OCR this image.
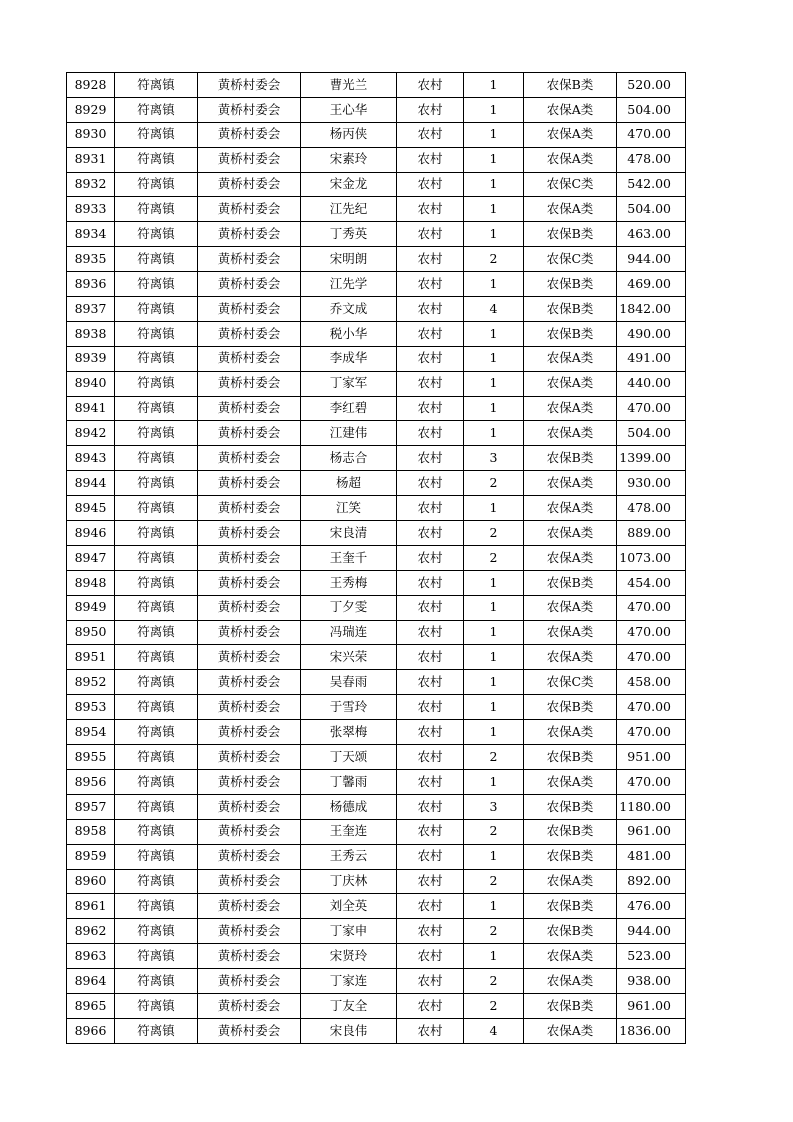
8928	符离镇	黄桥村委会	曹光兰	农村	1	农保B类	520.00
8929	符离镇	黄桥村委会	王心华	农村	1	农保A类	504.00
8930	符离镇	黄桥村委会	杨丙侠	农村	1	农保A类	470.00
8931	符离镇	黄桥村委会	宋素玲	农村	1	农保A类	478.00
8932	符离镇	黄桥村委会	宋金龙	农村	1	农保C类	542.00
8933	符离镇	黄桥村委会	江先纪	农村	1	农保A类	504.00
8934	符离镇	黄桥村委会	丁秀英	农村	1	农保B类	463.00
8935	符离镇	黄桥村委会	宋明朗	农村	2	农保C类	944.00
8936	符离镇	黄桥村委会	江先学	农村	1	农保B类	469.00
8937	符离镇	黄桥村委会	乔文成	农村	4	农保B类	1842.00
8938	符离镇	黄桥村委会	税小华	农村	1	农保B类	490.00
8939	符离镇	黄桥村委会	李成华	农村	1	农保A类	491.00
8940	符离镇	黄桥村委会	丁家军	农村	1	农保A类	440.00
8941	符离镇	黄桥村委会	李红碧	农村	1	农保A类	470.00
8942	符离镇	黄桥村委会	江建伟	农村	1	农保A类	504.00
8943	符离镇	黄桥村委会	杨志合	农村	3	农保B类	1399.00
8944	符离镇	黄桥村委会	杨超	农村	2	农保A类	930.00
8945	符离镇	黄桥村委会	江笑	农村	1	农保A类	478.00
8946	符离镇	黄桥村委会	宋良清	农村	2	农保A类	889.00
8947	符离镇	黄桥村委会	王奎千	农村	2	农保A类	1073.00
8948	符离镇	黄桥村委会	王秀梅	农村	1	农保B类	454.00
8949	符离镇	黄桥村委会	丁夕雯	农村	1	农保A类	470.00
8950	符离镇	黄桥村委会	冯瑞连	农村	1	农保A类	470.00
8951	符离镇	黄桥村委会	宋兴荣	农村	1	农保A类	470.00
8952	符离镇	黄桥村委会	吴春雨	农村	1	农保C类	458.00
8953	符离镇	黄桥村委会	于雪玲	农村	1	农保B类	470.00
8954	符离镇	黄桥村委会	张翠梅	农村	1	农保A类	470.00
8955	符离镇	黄桥村委会	丁天颂	农村	2	农保B类	951.00
8956	符离镇	黄桥村委会	丁馨雨	农村	1	农保A类	470.00
8957	符离镇	黄桥村委会	杨德成	农村	3	农保B类	1180.00
8958	符离镇	黄桥村委会	王奎连	农村	2	农保B类	961.00
8959	符离镇	黄桥村委会	王秀云	农村	1	农保B类	481.00
8960	符离镇	黄桥村委会	丁庆林	农村	2	农保A类	892.00
8961	符离镇	黄桥村委会	刘全英	农村	1	农保B类	476.00
8962	符离镇	黄桥村委会	丁家申	农村	2	农保B类	944.00
8963	符离镇	黄桥村委会	宋贤玲	农村	1	农保A类	523.00
8964	符离镇	黄桥村委会	丁家连	农村	2	农保A类	938.00
8965	符离镇	黄桥村委会	丁友全	农村	2	农保B类	961.00
8966	符离镇	黄桥村委会	宋良伟	农村	4	农保A类	1836.00
